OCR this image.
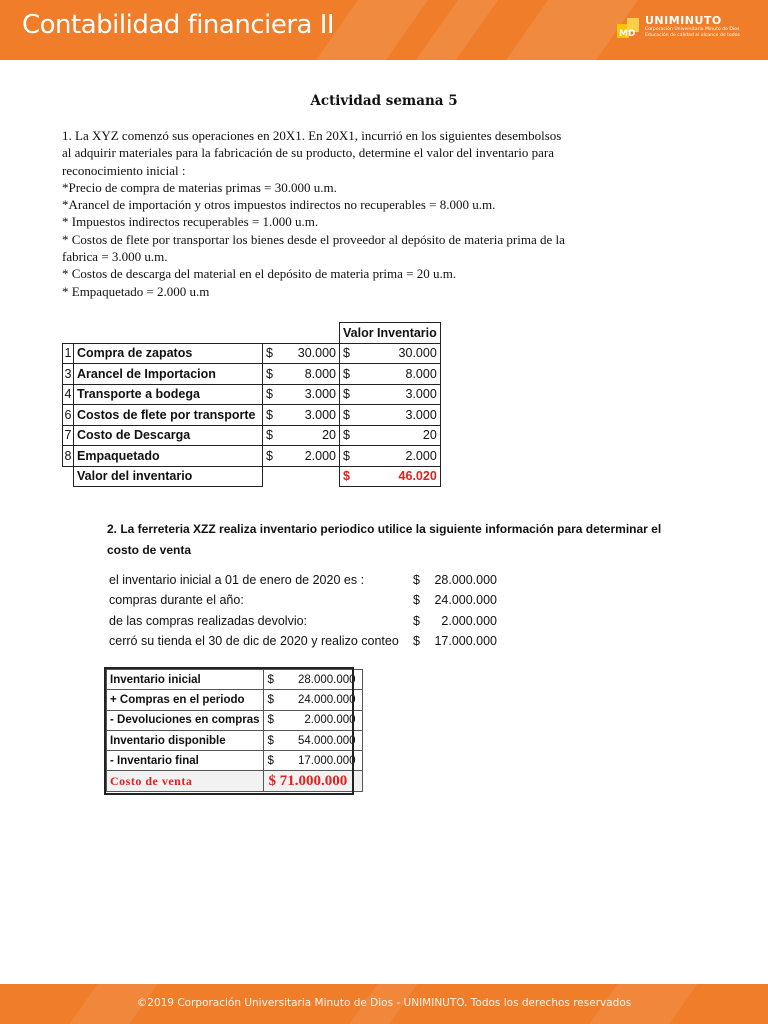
Contabilidad financiera II	MD
UNIMINUTO
Corporación Universitaria Minuto de Dios
Educación de calidad al alcance de todos
Actividad semana 5

1. La XYZ comenzó sus operaciones en 20X1. En 20X1, incurrió en los siguientes desembolsos

al adquirir materiales para la fabricación de su producto, determine el valor del inventario para

reconocimiento inicial :

*Precio de compra de materias primas = 30.000 u.m.

*Arancel de importación y otros impuestos indirectos no recuperables = 8.000 u.m.

* Impuestos indirectos recuperables = 1.000 u.m.

* Costos de flete por transportar los bienes desde el proveedor al depósito de materia prima de la

fabrica = 3.000 u.m.

* Costos de descarga del material en el depósito de materia prima = 20 u.m.

* Empaquetado = 2.000 u.m

				Valor Inventario	
1	Compra de zapatos	$	30.000	$	30.000
3	Arancel de Importacion	$	8.000	$	8.000
4	Transporte a bodega	$	3.000	$	3.000
6	Costos de flete por transporte	$	3.000	$	3.000
7	Costo de Descarga	$	20	$	20
8	Empaquetado	$	2.000	$	2.000
	Valor del inventario			$	46.020
2. La ferreteria XZZ realiza inventario periodico utilice la siguiente información para determinar el
costo de venta
el inventario inicial a 01 de enero de 2020 es :	$	28.000.000
compras durante el año:	$	24.000.000
de las compras realizadas devolvio:	$	2.000.000
cerró su tienda el 30 de dic de 2020 y realizo conteo	$	17.000.000
Inventario inicial	$	28.000.000
+ Compras en el periodo	$	24.000.000
- Devoluciones en compras	$	2.000.000
Inventario disponible	$	54.000.000
- Inventario final	$	17.000.000
Costo de venta	$ 71.000.000	
©2019 Corporación Universitaria Minuto de Dios - UNIMINUTO. Todos los derechos reservados
